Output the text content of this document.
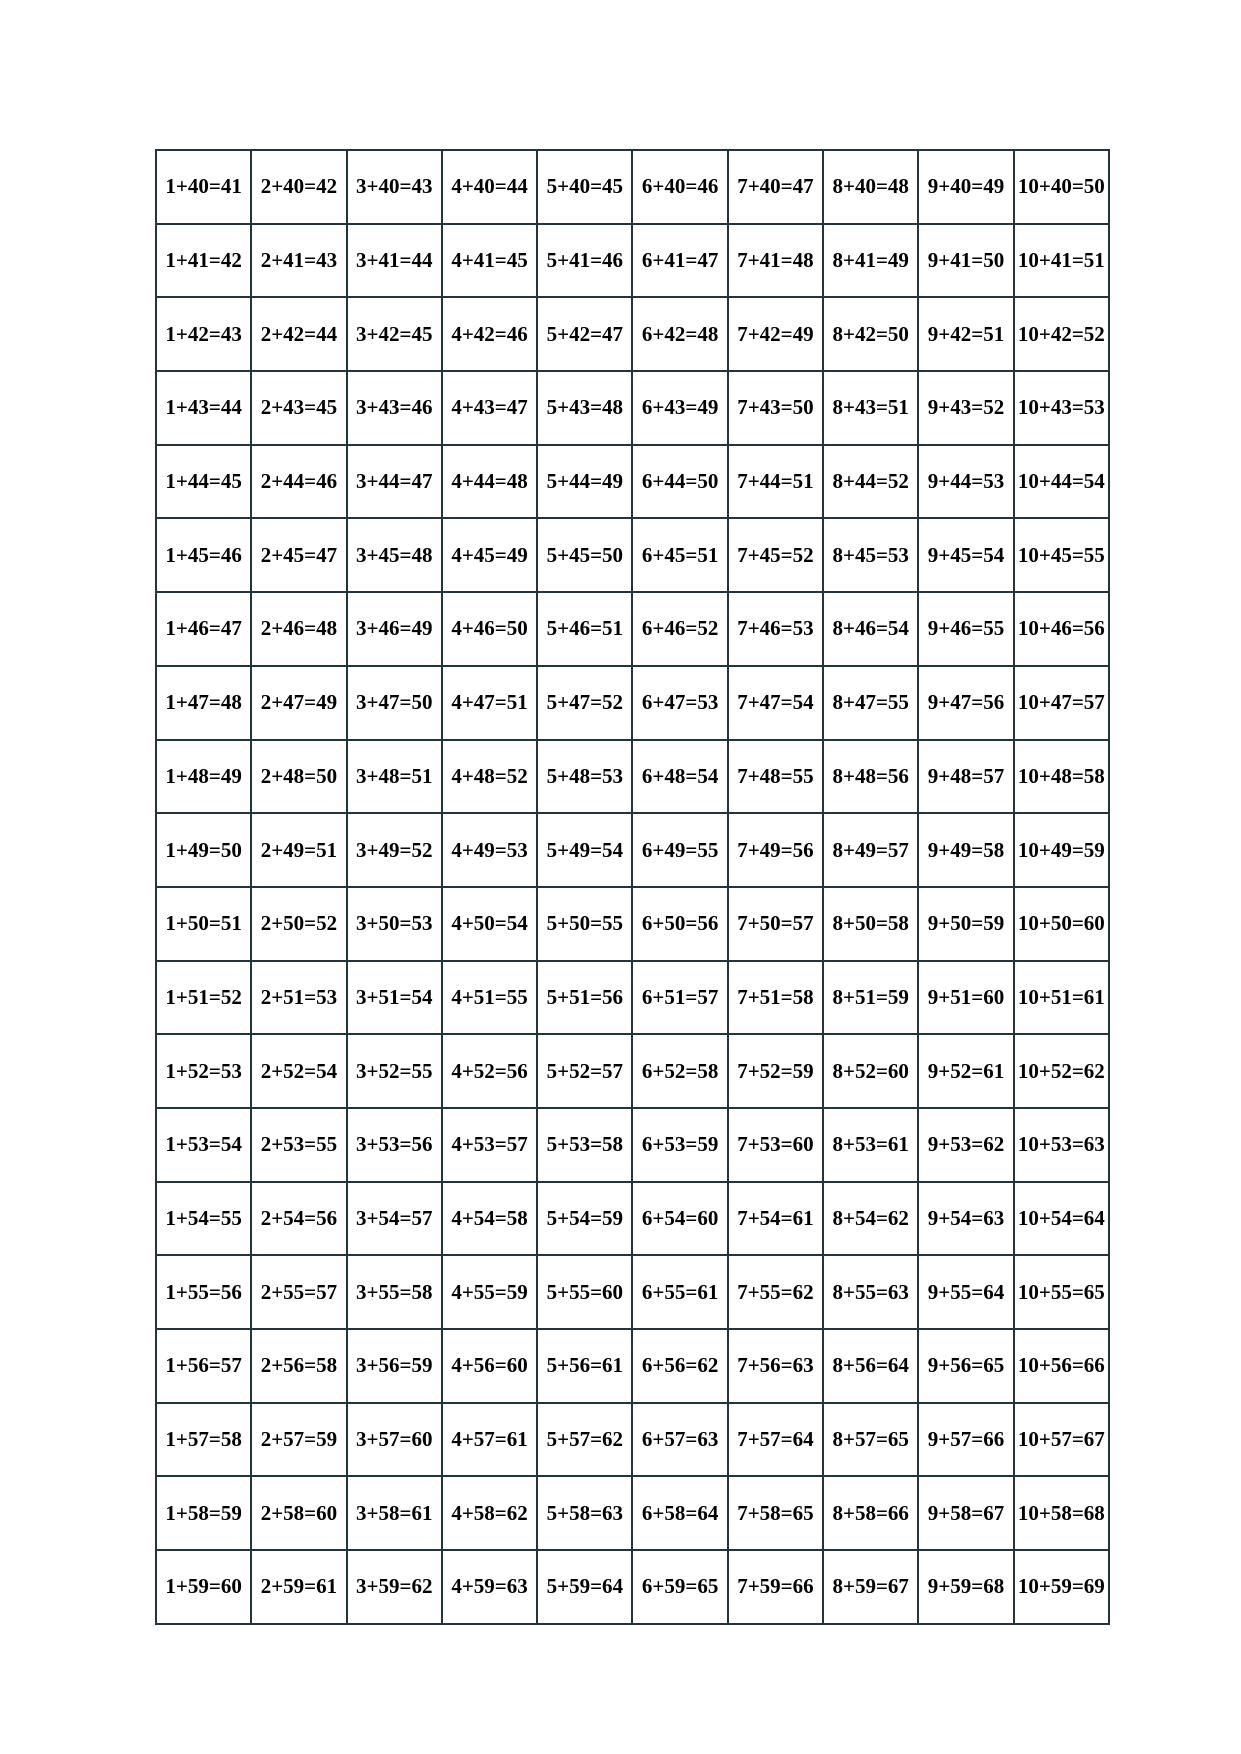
1+40=41	2+40=42	3+40=43	4+40=44	5+40=45	6+40=46	7+40=47	8+40=48	9+40=49	10+40=50
1+41=42	2+41=43	3+41=44	4+41=45	5+41=46	6+41=47	7+41=48	8+41=49	9+41=50	10+41=51
1+42=43	2+42=44	3+42=45	4+42=46	5+42=47	6+42=48	7+42=49	8+42=50	9+42=51	10+42=52
1+43=44	2+43=45	3+43=46	4+43=47	5+43=48	6+43=49	7+43=50	8+43=51	9+43=52	10+43=53
1+44=45	2+44=46	3+44=47	4+44=48	5+44=49	6+44=50	7+44=51	8+44=52	9+44=53	10+44=54
1+45=46	2+45=47	3+45=48	4+45=49	5+45=50	6+45=51	7+45=52	8+45=53	9+45=54	10+45=55
1+46=47	2+46=48	3+46=49	4+46=50	5+46=51	6+46=52	7+46=53	8+46=54	9+46=55	10+46=56
1+47=48	2+47=49	3+47=50	4+47=51	5+47=52	6+47=53	7+47=54	8+47=55	9+47=56	10+47=57
1+48=49	2+48=50	3+48=51	4+48=52	5+48=53	6+48=54	7+48=55	8+48=56	9+48=57	10+48=58
1+49=50	2+49=51	3+49=52	4+49=53	5+49=54	6+49=55	7+49=56	8+49=57	9+49=58	10+49=59
1+50=51	2+50=52	3+50=53	4+50=54	5+50=55	6+50=56	7+50=57	8+50=58	9+50=59	10+50=60
1+51=52	2+51=53	3+51=54	4+51=55	5+51=56	6+51=57	7+51=58	8+51=59	9+51=60	10+51=61
1+52=53	2+52=54	3+52=55	4+52=56	5+52=57	6+52=58	7+52=59	8+52=60	9+52=61	10+52=62
1+53=54	2+53=55	3+53=56	4+53=57	5+53=58	6+53=59	7+53=60	8+53=61	9+53=62	10+53=63
1+54=55	2+54=56	3+54=57	4+54=58	5+54=59	6+54=60	7+54=61	8+54=62	9+54=63	10+54=64
1+55=56	2+55=57	3+55=58	4+55=59	5+55=60	6+55=61	7+55=62	8+55=63	9+55=64	10+55=65
1+56=57	2+56=58	3+56=59	4+56=60	5+56=61	6+56=62	7+56=63	8+56=64	9+56=65	10+56=66
1+57=58	2+57=59	3+57=60	4+57=61	5+57=62	6+57=63	7+57=64	8+57=65	9+57=66	10+57=67
1+58=59	2+58=60	3+58=61	4+58=62	5+58=63	6+58=64	7+58=65	8+58=66	9+58=67	10+58=68
1+59=60	2+59=61	3+59=62	4+59=63	5+59=64	6+59=65	7+59=66	8+59=67	9+59=68	10+59=69
